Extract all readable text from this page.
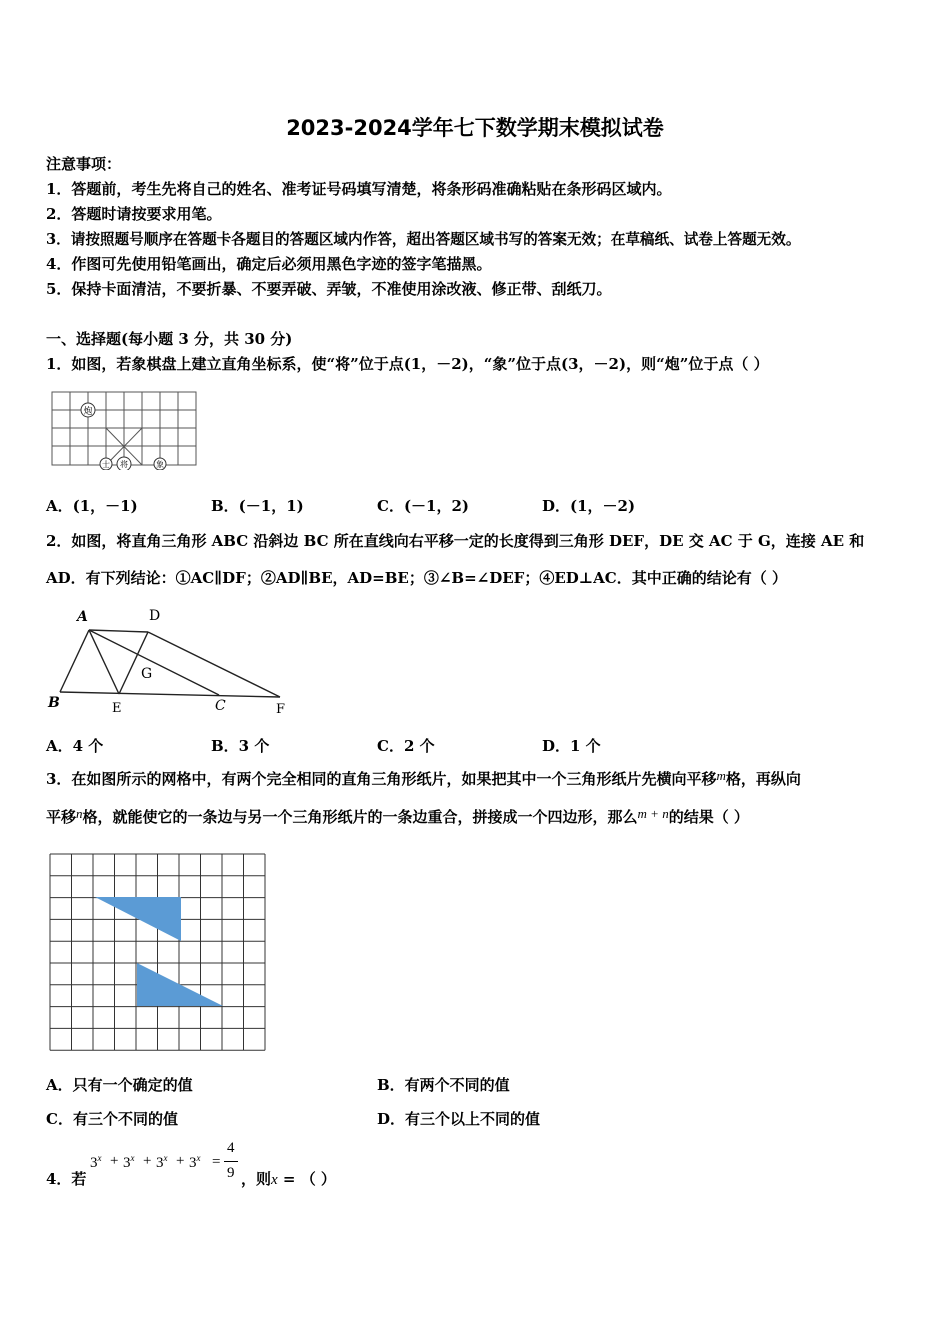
2023-2024学年七下数学期末模拟试卷
注意事项：
1．答题前，考生先将自己的姓名、准考证号码填写清楚，将条形码准确粘贴在条形码区域内。
2．答题时请按要求用笔。
3．请按照题号顺序在答题卡各题目的答题区域内作答，超出答题区域书写的答案无效；在草稿纸、试卷上答题无效。
4．作图可先使用铅笔画出，确定后必须用黑色字迹的签字笔描黑。
5．保持卡面清洁，不要折暴、不要弄破、弄皱，不准使用涂改液、修正带、刮纸刀。
一、选择题(每小题 3 分，共 30 分)
1．如图，若象棋盘上建立直角坐标系，使“将”位于点(1，－2)，“象”位于点(3，－2)，则“炮”位于点（ ）
炮
士 将	象
A．(1，－1)	B．(－1，1)	C．(－1，2)	D．(1，－2)
2．如图，将直角三角形 ABC 沿斜边 BC 所在直线向右平移一定的长度得到三角形 DEF，DE 交 AC 于 G，连接 AE 和
AD．有下列结论：①AC∥DF；②AD∥BE，AD=BE；③∠B=∠DEF；④ED⊥AC．其中正确的结论有（ ）
A	D
G
B	E	C	F
A．4 个	B．3 个	C．2 个	D．1 个
3．在如图所示的网格中，有两个完全相同的直角三角形纸片，如果把其中一个三角形纸片先横向平移m格，再纵向
平移n格，就能使它的一条边与另一个三角形纸片的一条边重合，拼接成一个四边形，那么m + n的结果（ ）
A．只有一个确定的值	B．有两个不同的值
C．有三个不同的值	D．有三个以上不同的值
4．若
$3^x + 3^x + 3^x + 3^x$ =
4
9 ，则x = （ ）
